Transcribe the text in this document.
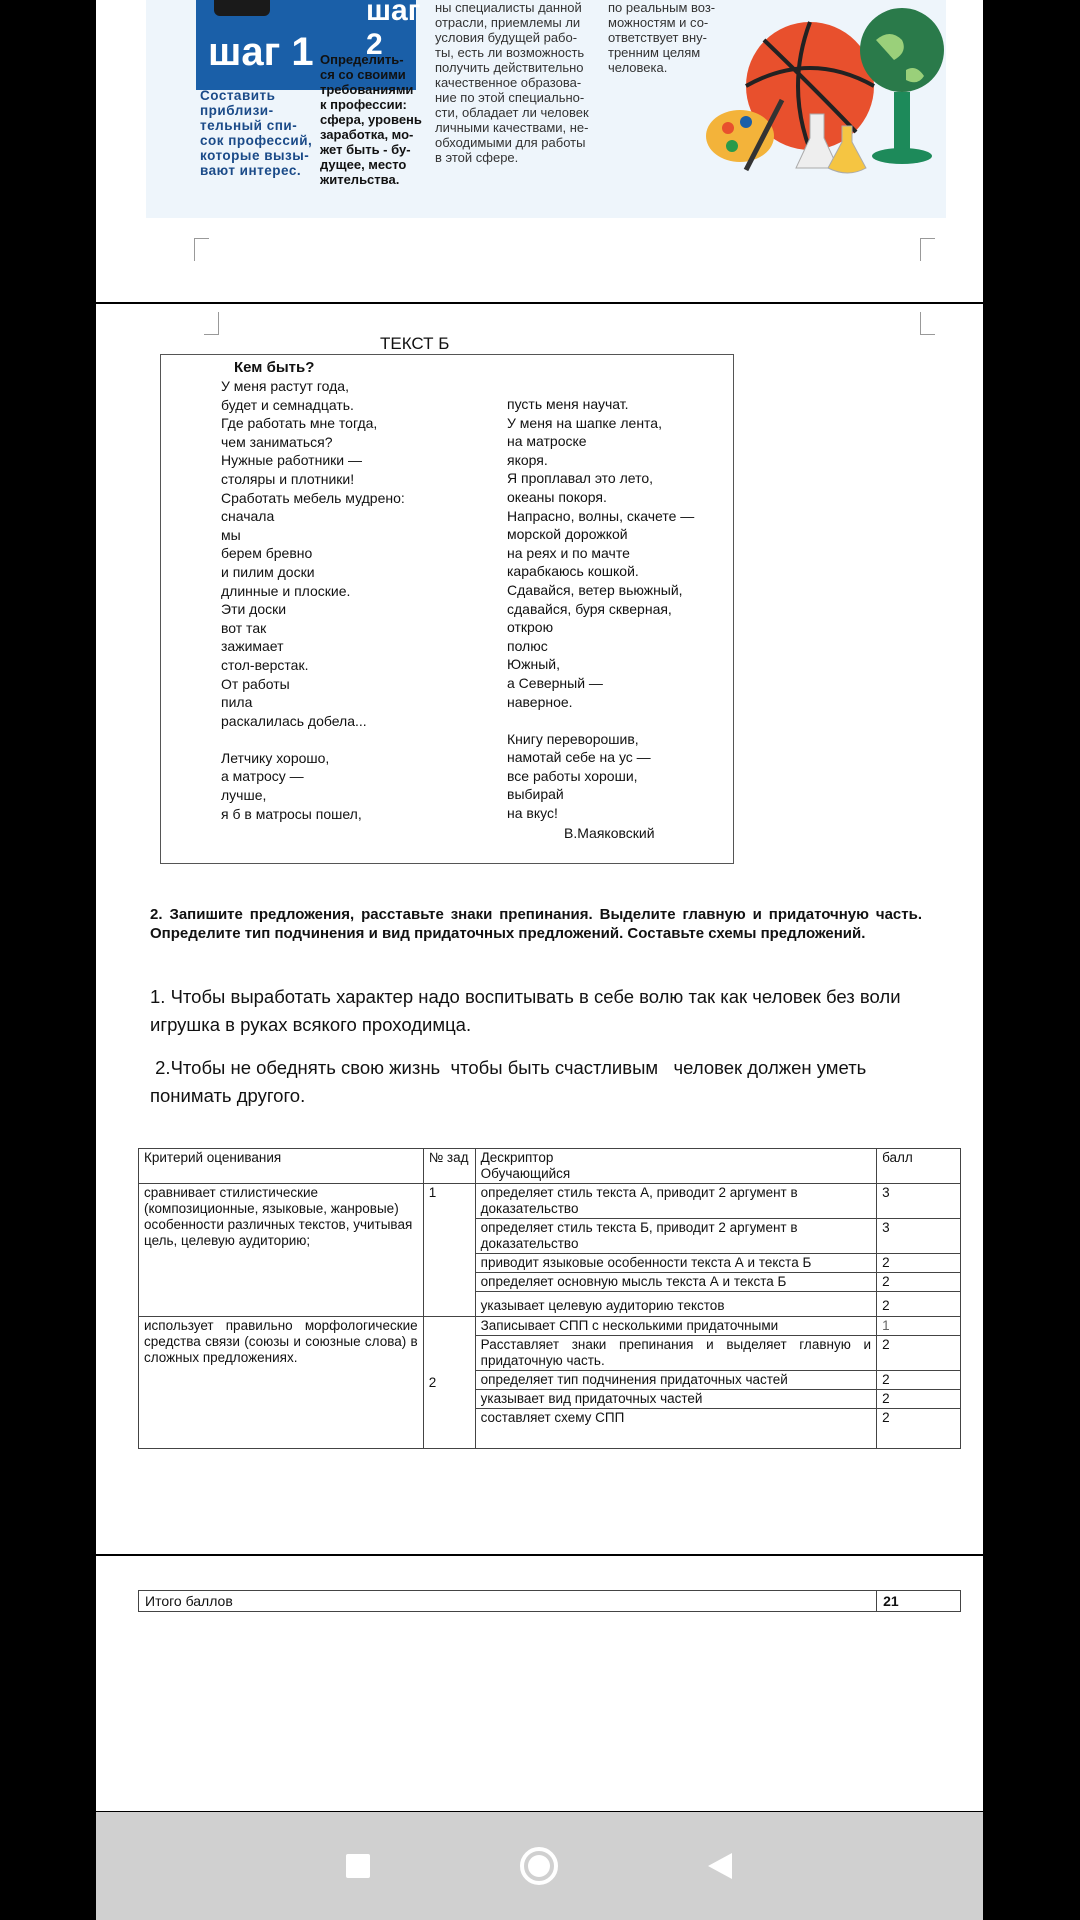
шаг 2
шаг 1
Составить
приблизи-
тельный спи-
сок профессий,
которые вызы-
вают интерес.
Определить-
ся со своими
требованиями
к профессии:
сфера, уровень
заработка, мо-
жет быть - бу-
дущее, место
жительства.
ны специалисты данной
отрасли, приемлемы ли
условия будущей рабо-
ты, есть ли возможность
получить действительно
качественное образова-
ние по этой специально-
сти, обладает ли человек
личными качествами, не-
обходимыми для работы
в этой сфере.
по реальным воз-
можностям и со-
ответствует вну-
тренним целям
человека.
ТЕКСТ Б
Кем быть?
У меня растут года,
будет и семнадцать.
Где работать мне тогда,
чем заниматься?
Нужные работники —
столяры и плотники!
Сработать мебель мудрено:
сначала
мы
берем бревно
и пилим доски
длинные и плоские.
Эти доски
вот так
зажимает
стол-верстак.
От работы
пила
раскалилась добела...

Летчику хорошо,
а матросу —
лучше,
я б в матросы пошел,
пусть меня научат.
У меня на шапке лента,
на матроске
якоря.
Я проплавал это лето,
океаны покоря.
Напрасно, волны, скачете —
морской дорожкой
на реях и по мачте
карабкаюсь кошкой.
Сдавайся, ветер вьюжный,
сдавайся, буря скверная,
открою
полюс
Южный,
а Северный —
наверное.

Книгу переворошив,
намотай себе на ус —
все работы хороши,
выбирай
на вкус!
В.Маяковский
2. Запишите предложения, расставьте знаки препинания. Выделите главную и придаточную часть. Определите тип подчинения и вид придаточных предложений. Составьте схемы предложений.
1. Чтобы выработать характер надо воспитывать в себе волю так как человек без воли игрушка в руках всякого проходимца.
2.Чтобы не обеднять свою жизнь  чтобы быть счастливым   человек должен уметь понимать другого.
Критерий оценивания	№ зад	Дескриптор
Обучающийся	балл
сравнивает стилистические (композиционные, языковые, жанровые) особенности различных текстов, учитывая цель, целевую аудиторию;	1	определяет стиль текста А, приводит 2 аргумент в доказательство	3
		определяет стиль текста Б, приводит 2 аргумент в доказательство	3
		приводит языковые особенности текста А и текста Б	2
		определяет основную мысль текста А и текста Б	2
		указывает целевую аудиторию текстов	2
использует правильно морфологические средства связи (союзы и союзные слова) в сложных предложениях.	2	Записывает СПП с несколькими придаточными	1
		Расставляет знаки препинания и выделяет главную и придаточную часть.	2
		определяет тип подчинения придаточных частей	2
		указывает вид придаточных частей	2
		составляет схему СПП	2
Итого баллов	21
